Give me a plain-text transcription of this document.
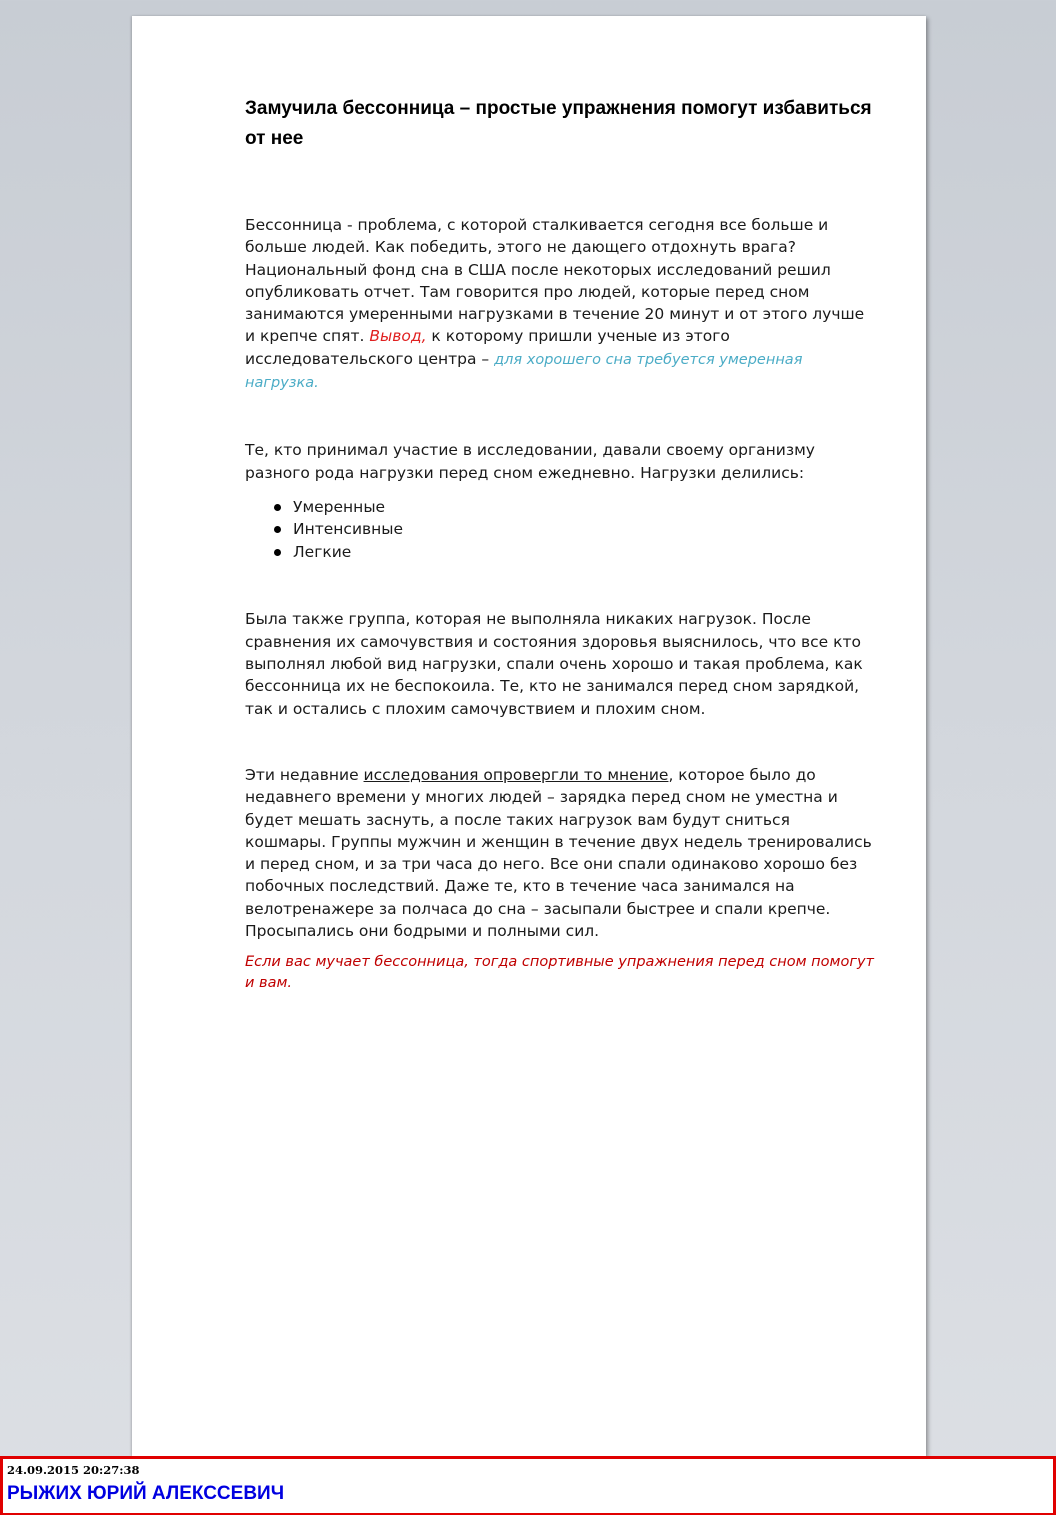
Замучила бессонница – простые упражнения помогут избавиться от нее

Бессонница - проблема, с которой сталкивается сегодня все больше и больше людей. Как победить, этого не дающего отдохнуть врага? Национальный фонд сна в США после некоторых исследований решил опубликовать отчет. Там говорится про людей, которые перед сном занимаются умеренными нагрузками в течение 20 минут и от этого лучше и крепче спят. Вывод, к которому пришли ученые из этого исследовательского центра – для хорошего сна требуется умеренная нагрузка.

Те, кто принимал участие в исследовании, давали своему организму разного рода нагрузки перед сном ежедневно. Нагрузки делились:

Умеренные
Интенсивные
Легкие

Была также группа, которая не выполняла никаких нагрузок. После сравнения их самочувствия и состояния здоровья выяснилось, что все кто выполнял любой вид нагрузки, спали очень хорошо и такая проблема, как бессонница их не беспокоила. Те, кто не занимался перед сном зарядкой, так и остались с плохим самочувствием и плохим сном.

Эти недавние исследования опровергли то мнение, которое было до недавнего времени у многих людей – зарядка перед сном не уместна и будет мешать заснуть, а после таких нагрузок вам будут сниться кошмары. Группы мужчин и женщин в течение двух недель тренировались и перед сном, и за три часа до него. Все они спали одинаково хорошо без побочных последствий. Даже те, кто в течение часа занимался на велотренажере за полчаса до сна – засыпали быстрее и спали крепче. Просыпались они бодрыми и полными сил.

Если вас мучает бессонница, тогда спортивные упражнения перед сном помогут и вам.

24.09.2015 20:27:38
РЫЖИХ ЮРИЙ АЛЕКССЕВИЧ
